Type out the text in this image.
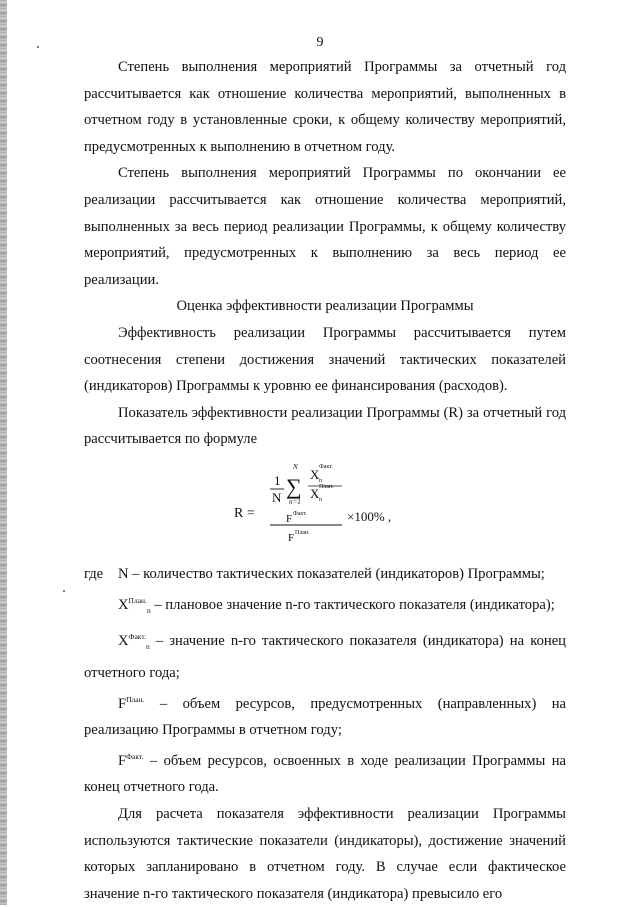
9

Степень выполнения мероприятий Программы за отчетный год рассчитывается как отношение количества мероприятий, выполненных в отчетном году в установленные сроки, к общему количеству мероприятий, предусмотренных к выполнению в отчетном году.

Степень выполнения мероприятий Программы по окончании ее реализации рассчитывается как отношение количества мероприятий, выполненных за весь период реализации Программы, к общему количеству мероприятий, предусмотренных к выполнению за весь период ее реализации.

Оценка эффективности реализации Программы

Эффективность реализации Программы рассчитывается путем соотнесения степени достижения значений тактических показателей (индикаторов) Программы к уровню ее финансирования (расходов).

Показатель эффективности реализации Программы (R) за отчетный год рассчитывается по формуле

R =
1
N
N
∑
n=1
X Факт.
n
X План.
n
F Факт.
F План.
×100% ,
где	N – количество тактических показателей (индикаторов) Программы;

$X^{План.}_n$ – плановое значение n-го тактического показателя (индикатора);

$X^{Факт.}_n$ – значение n-го тактического показателя (индикатора) на конец отчетного года;

$F^{План.}$ – объем ресурсов, предусмотренных (направленных) на реализацию Программы в отчетном году;

$F^{Факт.}$ – объем ресурсов, освоенных в ходе реализации Программы на конец отчетного года.

Для расчета показателя эффективности реализации Программы используются тактические показатели (индикаторы), достижение значений которых запланировано в отчетном году. В случае если фактическое значение n-го тактического показателя (индикатора) превысило его
